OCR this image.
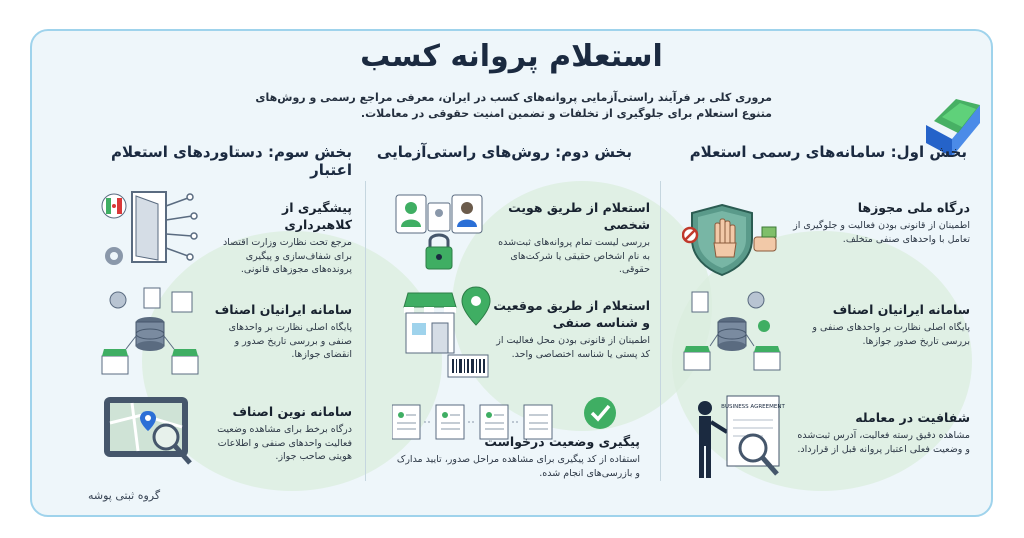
استعلام پروانه کسب
مروری کلی بر فرآیند راستی‌آزمایی پروانه‌های کسب در ایران، معرفی مراجع رسمی و روش‌های متنوع استعلام برای جلوگیری از تخلفات و تضمین امنیت حقوقی در معاملات.
بخش اول: سامانه‌های رسمی استعلام
بخش دوم: روش‌های راستی‌آزمایی
بخش سوم: دستاوردهای استعلام اعتبار
درگاه ملی مجوزها

اطمینان از قانونی بودن فعالیت و جلوگیری از تعامل با واحدهای صنفی متخلف.

سامانه ایرانیان اصناف

پایگاه اصلی نظارت بر واحدهای صنفی و بررسی تاریخ صدور جوازها.

شفافیت در معامله

مشاهده دقیق رسته فعالیت، آدرس ثبت‌شده و وضعیت فعلی اعتبار پروانه قبل از قرارداد.

BUSINESS AGREEMENT
استعلام از طریق هویت شخصی

بررسی لیست تمام پروانه‌های ثبت‌شده به نام اشخاص حقیقی یا شرکت‌های حقوقی.

استعلام از طریق موقعیت و شناسه صنفی

اطمینان از قانونی بودن محل فعالیت از کد پستی یا شناسه اختصاصی واحد.

پیگیری وضعیت درخواست

استفاده از کد پیگیری برای مشاهده مراحل صدور، تایید مدارک و بازرسی‌های انجام شده.

پیشگیری از کلاهبرداری

مرجع تحت نظارت وزارت اقتصاد برای شفاف‌سازی و پیگیری پرونده‌های مجوزهای قانونی.

سامانه ایرانیان اصناف

پایگاه اصلی نظارت بر واحدهای صنفی و بررسی تاریخ صدور و انقضای جوازها.

سامانه نوین اصناف

درگاه برخط برای مشاهده وضعیت فعالیت واحدهای صنفی و اطلاعات هویتی صاحب جواز.

گروه ثبتی پوشه
